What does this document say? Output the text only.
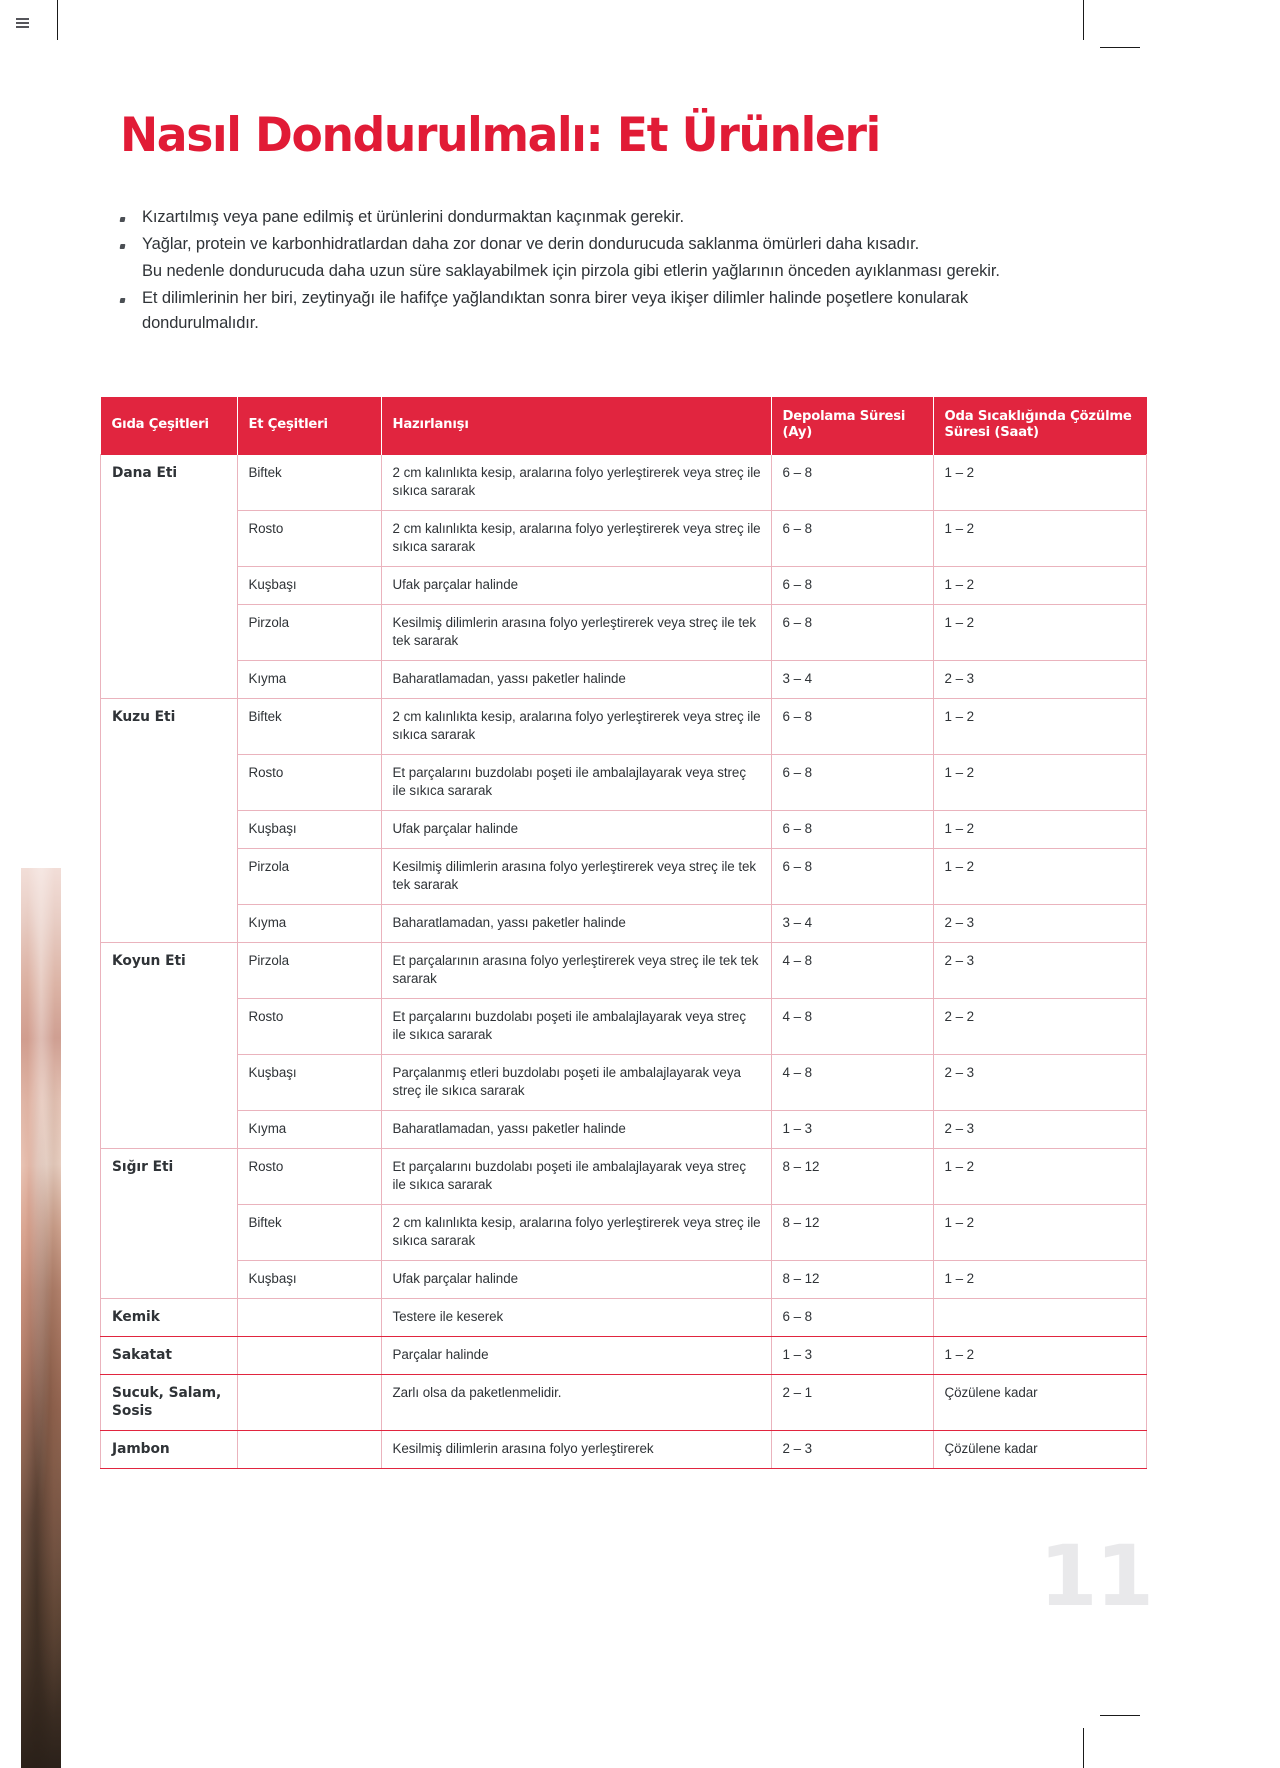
Nasıl Dondurulmalı: Et Ürünleri
Kızartılmış veya pane edilmiş et ürünlerini dondurmaktan kaçınmak gerekir.
Yağlar, protein ve karbonhidratlardan daha zor donar ve derin dondurucuda saklanma ömürleri daha kısadır.
Bu nedenle dondurucuda daha uzun süre saklayabilmek için pirzola gibi etlerin yağlarının önceden ayıklanması gerekir.
Et dilimlerinin her biri, zeytinyağı ile hafifçe yağlandıktan sonra birer veya ikişer dilimler halinde poşetlere konularak dondurulmalıdır.
Gıda Çeşitleri	Et Çeşitleri	Hazırlanışı	Depolama Süresi (Ay)	Oda Sıcaklığında Çözülme Süresi (Saat)
Dana Eti	Biftek	2 cm kalınlıkta kesip, aralarına folyo yerleştirerek veya streç ile sıkıca sararak	6 – 8	1 – 2
	Rosto	2 cm kalınlıkta kesip, aralarına folyo yerleştirerek veya streç ile sıkıca sararak	6 – 8	1 – 2
	Kuşbaşı	Ufak parçalar halinde	6 – 8	1 – 2
	Pirzola	Kesilmiş dilimlerin arasına folyo yerleştirerek veya streç ile tek tek sararak	6 – 8	1 – 2
	Kıyma	Baharatlamadan, yassı paketler halinde	3 – 4	2 – 3
Kuzu Eti	Biftek	2 cm kalınlıkta kesip, aralarına folyo yerleştirerek veya streç ile sıkıca sararak	6 – 8	1 – 2
	Rosto	Et parçalarını buzdolabı poşeti ile ambalajlayarak veya streç ile sıkıca sararak	6 – 8	1 – 2
	Kuşbaşı	Ufak parçalar halinde	6 – 8	1 – 2
	Pirzola	Kesilmiş dilimlerin arasına folyo yerleştirerek veya streç ile tek tek sararak	6 – 8	1 – 2
	Kıyma	Baharatlamadan, yassı paketler halinde	3 – 4	2 – 3
Koyun Eti	Pirzola	Et parçalarının arasına folyo yerleştirerek veya streç ile tek tek sararak	4 – 8	2 – 3
	Rosto	Et parçalarını buzdolabı poşeti ile ambalajlayarak veya streç ile sıkıca sararak	4 – 8	2 – 2
	Kuşbaşı	Parçalanmış etleri buzdolabı poşeti ile ambalajlayarak veya streç ile sıkıca sararak	4 – 8	2 – 3
	Kıyma	Baharatlamadan, yassı paketler halinde	1 – 3	2 – 3
Sığır Eti	Rosto	Et parçalarını buzdolabı poşeti ile ambalajlayarak veya streç ile sıkıca sararak	8 – 12	1 – 2
	Biftek	2 cm kalınlıkta kesip, aralarına folyo yerleştirerek veya streç ile sıkıca sararak	8 – 12	1 – 2
	Kuşbaşı	Ufak parçalar halinde	8 – 12	1 – 2
Kemik		Testere ile keserek	6 – 8	
Sakatat		Parçalar halinde	1 – 3	1 – 2
Sucuk, Salam, Sosis		Zarlı olsa da paketlenmelidir.	2 – 1	Çözülene kadar
Jambon		Kesilmiş dilimlerin arasına folyo yerleştirerek	2 – 3	Çözülene kadar
11
